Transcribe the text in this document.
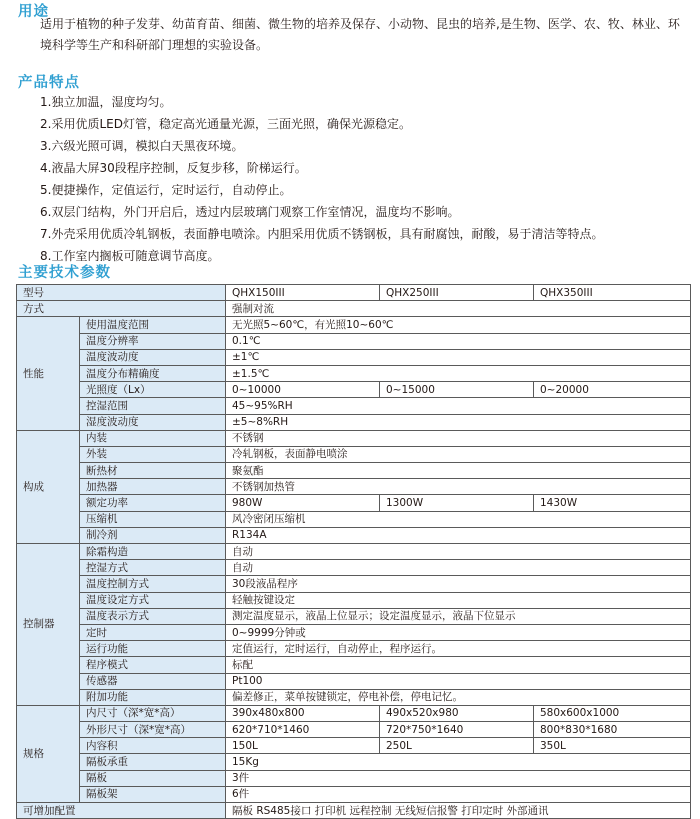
用途
适用于植物的种子发芽、幼苗育苗、细菌、微生物的培养及保存、小动物、昆虫的培养,是生物、医学、农、牧、林业、环境科学等生产和科研部门理想的实验设备。
产品特点
1.独立加温，湿度均匀。
2.采用优质LED灯管，稳定高光通量光源，三面光照，确保光源稳定。
3.六级光照可调，模拟白天黑夜环境。
4.液晶大屏30段程序控制，反复步移，阶梯运行。
5.便捷操作，定值运行，定时运行，自动停止。
6.双层门结构，外门开启后，透过内层玻璃门观察工作室情况，温度均不影响。
7.外壳采用优质冷轧钢板，表面静电喷涂。内胆采用优质不锈钢板，具有耐腐蚀，耐酸，易于清洁等特点。
8.工作室内搁板可随意调节高度。
主要技术参数
型号		QHX150III	QHX250III	QHX350III
方式		强制对流		
性能	使用温度范围	无光照5~60℃，有光照10~60℃		
	温度分辨率	0.1℃		
	温度波动度	±1℃		
	温度分布精确度	±1.5℃		
	光照度（Lx）	0~10000	0~15000	0~20000
	控湿范围	45~95%RH		
	湿度波动度	±5~8%RH		
构成	内装	不锈钢		
	外装	冷轧钢板，表面静电喷涂		
	断热材	聚氨酯		
	加热器	不锈钢加热管		
	额定功率	980W	1300W	1430W
	压缩机	风冷密闭压缩机		
	制冷剂	R134A		
控制器	除霜构造	自动		
	控湿方式	自动		
	温度控制方式	30段液晶程序		
	温度设定方式	轻触按键设定		
	温度表示方式	测定温度显示，液晶上位显示；设定温度显示，液晶下位显示		
	定时	0~9999分钟或		
	运行功能	定值运行，定时运行，自动停止，程序运行。		
	程序模式	标配		
	传感器	Pt100		
	附加功能	偏差修正，菜单按键锁定，停电补偿，停电记忆。		
规格	内尺寸（深*宽*高）	390x480x800	490x520x980	580x600x1000
	外形尺寸（深*宽*高）	620*710*1460	720*750*1640	800*830*1680
	内容积	150L	250L	350L
	隔板承重	15Kg		
	隔板	3件		
	隔板架	6件		
可增加配置		隔板 RS485接口 打印机 远程控制 无线短信报警 打印定时 外部通讯		
